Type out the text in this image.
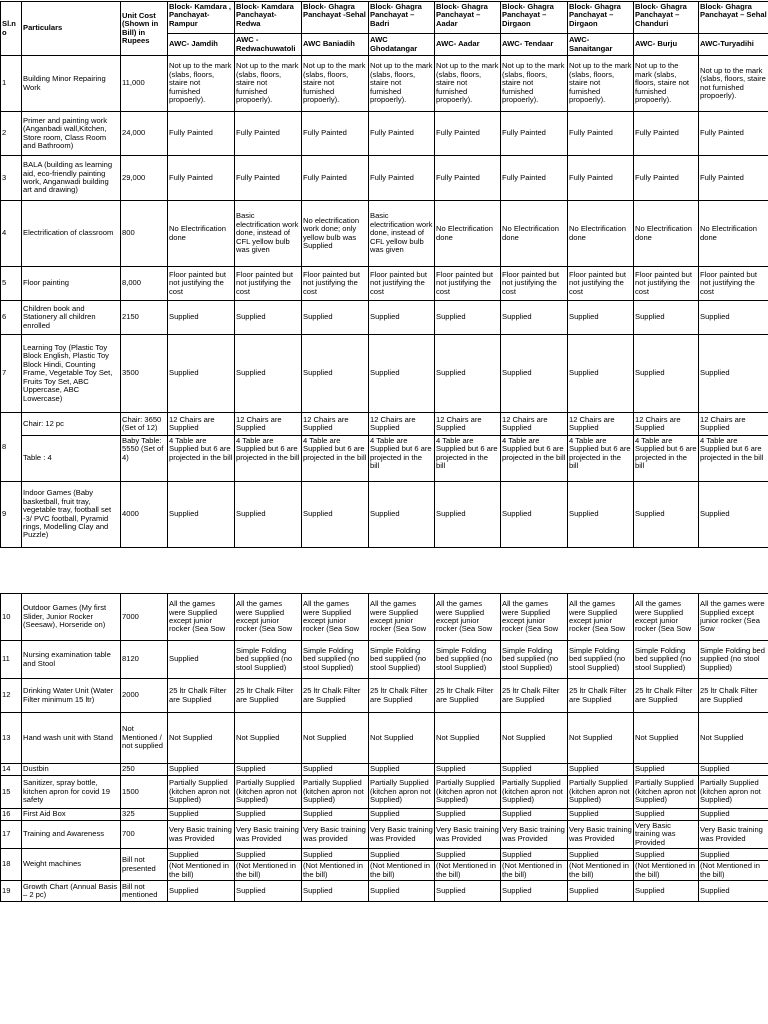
Sl.no	Particulars	Unit Cost (Shown in Bill) in Rupees	Block- Kamdara , Panchayat- Rampur	Block- Kamdara Panchayat- Redwa	Block- Ghagra Panchayat -Sehal	Block- Ghagra Panchayat – Badri	Block- Ghagra Panchayat – Aadar	Block- Ghagra Panchayat – Dirgaon	Block- Ghagra Panchayat – Dirgaon	Block- Ghagra Panchayat – Chanduri	Block- Ghagra Panchayat – Sehal
			AWC- Jamdih	AWC - Redwachuwatoli	AWC Baniadih	AWC Ghodatangar	AWC- Aadar	AWC- Tendaar	AWC- Sanaitangar	AWC- Burju	AWC-Turyadihi
1	Building Minor Repairing Work	11,000	Not up to the mark (slabs, floors, staire not furnished propoerly).	Not up to the mark (slabs, floors, staire not furnished propoerly).	Not up to the mark (slabs, floors, staire not furnished propoerly).	Not up to the mark (slabs, floors, staire not furnished propoerly).	Not up to the mark (slabs, floors, staire not furnished propoerly).	Not up to the mark (slabs, floors, staire not furnished propoerly).	Not up to the mark (slabs, floors, staire not furnished propoerly).	Not up to the mark (slabs, floors, staire not furnished propoerly).	Not up to the mark (slabs, floors, staire not furnished propoerly).
2	Primer and painting work (Anganbadi wall,Kitchen, Store room, Class Room and Bathroom)	24,000	Fully Painted	Fully Painted	Fully Painted	Fully Painted	Fully Painted	Fully Painted	Fully Painted	Fully Painted	Fully Painted
3	BALA (building as learning aid, eco-friendly painting work, Anganwadi building art and drawing)	29,000	Fully Painted	Fully Painted	Fully Painted	Fully Painted	Fully Painted	Fully Painted	Fully Painted	Fully Painted	Fully Painted
4	Electrification of classroom	800	No Electrification done	Basic electrification work done, instead of CFL yellow bulb was given	No electrification work done; only yellow bulb was Supplied	Basic electrification work done, instead of CFL yellow bulb was given	No Electrification done	No Electrification done	No Electrification done	No Electrification done	No Electrification done
5	Floor painting	8,000	Floor painted but not justifying the cost	Floor painted but not justifying the cost	Floor painted but not justifying the cost	Floor painted but not justifying the cost	Floor painted but not justifying the cost	Floor painted but not justifying the cost	Floor painted but not justifying the cost	Floor painted but not justifying the cost	Floor painted but not justifying the cost
6	Children book and Stationery all children enrolled	2150	Supplied	Supplied	Supplied	Supplied	Supplied	Supplied	Supplied	Supplied	Supplied
7	Learning Toy (Plastic Toy Block English, Plastic Toy Block Hindi, Counting Frame, Vegetable Toy Set, Fruits Toy Set, ABC Uppercase, ABC Lowercase)	3500	Supplied	Supplied	Supplied	Supplied	Supplied	Supplied	Supplied	Supplied	Supplied
8	Chair: 12 pc	Chair: 3650 (Set of 12)	12 Chairs are Supplied	12 Chairs are Supplied	12 Chairs are Supplied	12 Chairs are Supplied	12 Chairs are Supplied	12 Chairs are Supplied	12 Chairs are Supplied	12 Chairs are Supplied	12 Chairs are Supplied
	Table : 4	Baby Table: 5550 (Set of 4)	4 Table are Supplied but 6 are projected in the bill	4 Table are Supplied but 6 are projected in the bill	4 Table are Supplied but 6 are projected in the bill	4 Table are Supplied but 6 are projected in the bill	4 Table are Supplied but 6 are projected in the bill	4 Table are Supplied but 6 are projected in the bill	4 Table are Supplied but 6 are projected in the bill	4 Table are Supplied but 6 are projected in the bill	4 Table are Supplied but 6 are projected in the bill
9	Indoor Games (Baby basketball, fruit tray, vegetable tray, football set -3/ PVC football, Pyramid rings, Modelling Clay and Puzzle)	4000	Supplied	Supplied	Supplied	Supplied	Supplied	Supplied	Supplied	Supplied	Supplied
10	Outdoor Games (My first Slider, Junior Rocker (Seesaw), Horseride on)	7000	All the games were Supplied except junior rocker (Sea Sow	All the games were Supplied except junior rocker (Sea Sow	All the games were Supplied except junior rocker (Sea Sow	All the games were Supplied except junior rocker (Sea Sow	All the games were Supplied except junior rocker (Sea Sow	All the games were Supplied except junior rocker (Sea Sow	All the games were Supplied except junior rocker (Sea Sow	All the games were Supplied except junior rocker (Sea Sow	All the games were Supplied except junior rocker (Sea Sow
11	Nursing examination table and Stool	8120	Supplied	Simple Folding bed supplied (no stool Supplied)	Simple Folding bed supplied (no stool Supplied)	Simple Folding bed supplied (no stool Supplied)	Simple Folding bed supplied (no stool Supplied)	Simple Folding bed supplied (no stool Supplied)	Simple Folding bed supplied (no stool Supplied)	Simple Folding bed supplied (no stool Supplied)	Simple Folding bed supplied (no stool Supplied)
12	Drinking Water Unit (Water Filter minimum 15 ltr)	2000	25 ltr Chalk Filter are Supplied	25 ltr Chalk Filter are Supplied	25 ltr Chalk Filter are Supplied	25 ltr Chalk Filter are Supplied	25 ltr Chalk Filter are Supplied	25 ltr Chalk Filter are Supplied	25 ltr Chalk Filter are Supplied	25 ltr Chalk Filter are Supplied	25 ltr Chalk Filter are Supplied
13	Hand wash unit with Stand	Not Mentioned / not supplied	Not Supplied	Not Supplied	Not Supplied	Not Supplied	Not Supplied	Not Supplied	Not Supplied	Not Supplied	Not Supplied
14	Dustbin	250	Supplied	Supplied	Supplied	Supplied	Supplied	Supplied	Supplied	Supplied	Supplied
15	Sanitizer, spray bottle, kitchen apron for covid 19 safety	1500	Partially Supplied (kitchen apron not Supplied)	Partially Supplied (kitchen apron not Supplied)	Partially Supplied (kitchen apron not Supplied)	Partially Supplied (kitchen apron not Supplied)	Partially Supplied (kitchen apron not Supplied)	Partially Supplied (kitchen apron not Supplied)	Partially Supplied (kitchen apron not Supplied)	Partially Supplied (kitchen apron not Supplied)	Partially Supplied (kitchen apron not Supplied)
16	First Aid Box	325	Supplied	Supplied	Supplied	Supplied	Supplied	Supplied	Supplied	Supplied	Supplied
17	Training and Awareness	700	Very Basic training was Provided	Very Basic training was Provided	Very Basic training was provided	Very Basic training was Provided	Very Basic training was Provided	Very Basic training was Provided	Very Basic training was Provided	Very Basic training was Provided	Very Basic training was Provided
18	Weight machines	Bill not presented	Supplied	Supplied	Supplied	Supplied	Supplied	Supplied	Supplied	Supplied	Supplied
			(Not Mentioned in the bill)	(Not Mentioned in the bill)	(Not Mentioned in the bill)	(Not Mentioned in the bill)	(Not Mentioned in the bill)	(Not Mentioned in the bill)	(Not Mentioned in the bill)	(Not Mentioned in the bill)	(Not Mentioned in the bill)
19	Growth Chart (Annual Basis – 2 pc)	Bill not mentioned	Supplied	Supplied	Supplied	Supplied	Supplied	Supplied	Supplied	Supplied	Supplied
